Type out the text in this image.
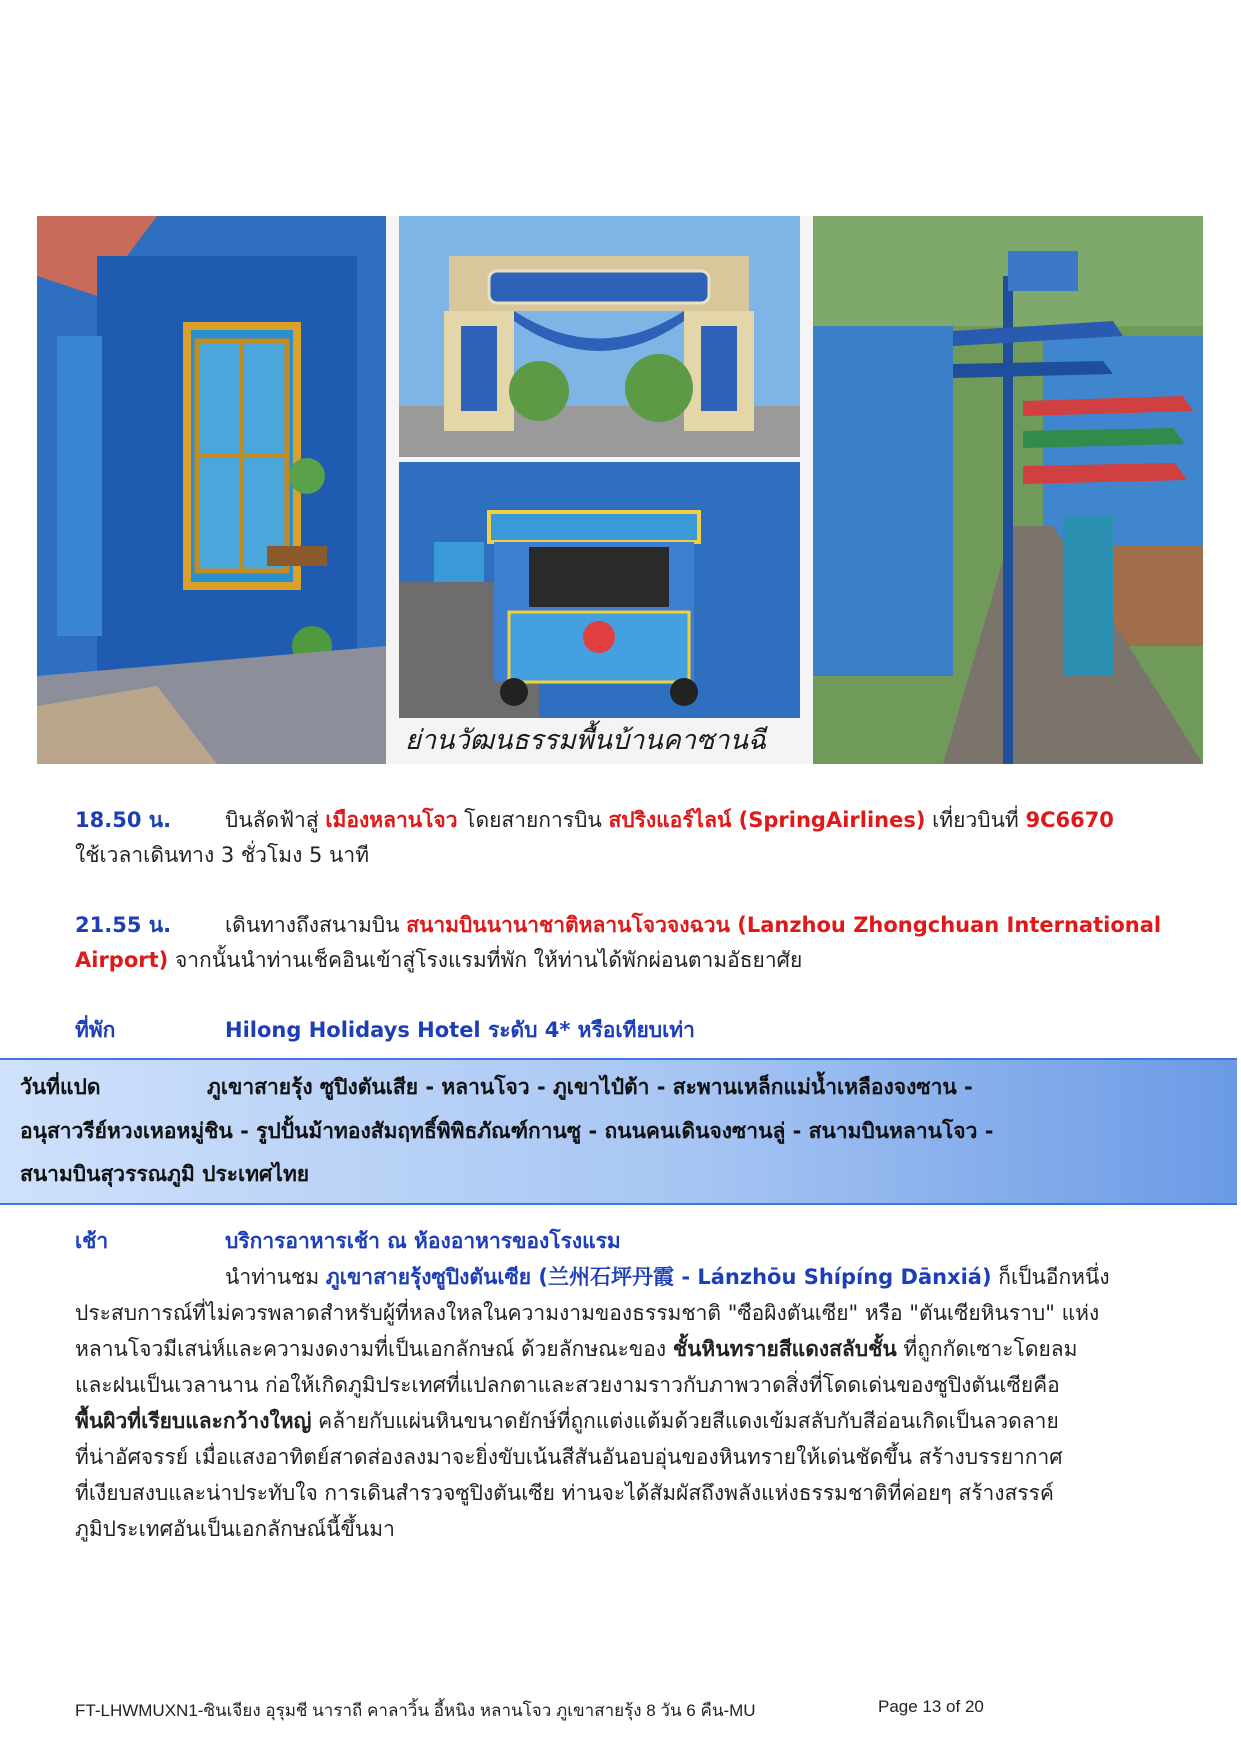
ย่านวัฒนธรรมพื้นบ้านคาซานฉี
18.50 น.	บินลัดฟ้าสู่ เมืองหลานโจว โดยสายการบิน สปริงแอร์ไลน์ (SpringAirlines) เที่ยวบินที่ 9C6670
ใช้เวลาเดินทาง 3 ชั่วโมง 5 นาที
21.55 น.	เดินทางถึงสนามบิน สนามบินนานาชาติหลานโจวจงฉวน (Lanzhou Zhongchuan International
Airport) จากนั้นนำท่านเช็คอินเข้าสู่โรงแรมที่พัก ให้ท่านได้พักผ่อนตามอัธยาศัย
ที่พัก	Hilong Holidays Hotel ระดับ 4* หรือเทียบเท่า
วันที่แปด	ภูเขาสายรุ้ง ซูปิงตันเสีย - หลานโจว - ภูเขาไป๋ต้า - สะพานเหล็กแม่น้ำเหลืองจงซาน -
อนุสาวรีย์หวงเหอหมู่ชิน - รูปปั้นม้าทองสัมฤทธิ์พิพิธภัณฑ์กานซู - ถนนคนเดินจงซานลู่ - สนามบินหลานโจว -
สนามบินสุวรรณภูมิ ประเทศไทย
เช้า	บริการอาหารเช้า ณ ห้องอาหารของโรงแรม
นำท่านชม ภูเขาสายรุ้งซูปิงตันเซีย (兰州石坪丹霞 - Lánzhōu Shípíng Dānxiá) ก็เป็นอีกหนึ่ง
ประสบการณ์ที่ไม่ควรพลาดสำหรับผู้ที่หลงใหลในความงามของธรรมชาติ "ซือผิงตันเซีย" หรือ "ตันเซียหินราบ" แห่ง
หลานโจวมีเสน่ห์และความงดงามที่เป็นเอกลักษณ์ ด้วยลักษณะของ ชั้นหินทรายสีแดงสลับชั้น ที่ถูกกัดเซาะโดยลม
และฝนเป็นเวลานาน ก่อให้เกิดภูมิประเทศที่แปลกตาและสวยงามราวกับภาพวาดสิ่งที่โดดเด่นของซูปิงตันเซียคือ
พื้นผิวที่เรียบและกว้างใหญ่ คล้ายกับแผ่นหินขนาดยักษ์ที่ถูกแต่งแต้มด้วยสีแดงเข้มสลับกับสีอ่อนเกิดเป็นลวดลาย
ที่น่าอัศจรรย์ เมื่อแสงอาทิตย์สาดส่องลงมาจะยิ่งขับเน้นสีสันอันอบอุ่นของหินทรายให้เด่นชัดขึ้น สร้างบรรยากาศ
ที่เงียบสงบและน่าประทับใจ การเดินสำรวจซูปิงตันเซีย ท่านจะได้สัมผัสถึงพลังแห่งธรรมชาติที่ค่อยๆ สร้างสรรค์
ภูมิประเทศอันเป็นเอกลักษณ์นี้ขึ้นมา
FT-LHWMUXN1-ซินเจียง อุรุมชี นาราถี คาลาวิ้น อี้หนิง หลานโจว ภูเขาสายรุ้ง 8 วัน 6 คืน-MU	Page 13 of 20
